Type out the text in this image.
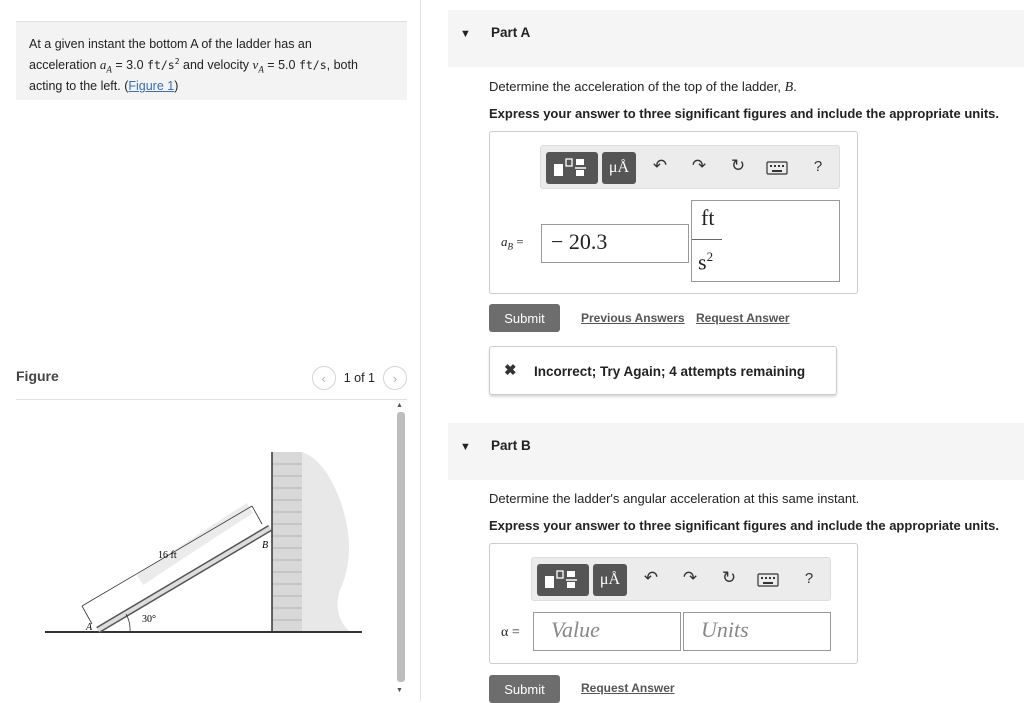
At a given instant the bottom A of the ladder has an
acceleration $a_A = 3.0$ $ft/s^2$ and velocity $v_A = 5.0$ ft/s, both
acting to the left. (Figure 1)
Figure	‹ 1 of 1 ›
▲
▼
16 ft
B
A
30°
▼ Part A
Determine the acceleration of the top of the ladder, B.
Express your answer to three significant figures and include the appropriate units.
μÅ	↶ ↷ ↻	?
$a_B$ =	− 20.3
ft
$s^2$
Submit	Previous Answers Request Answer
✖ Incorrect; Try Again; 4 attempts remaining
▼ Part B
Determine the ladder's angular acceleration at this same instant.
Express your answer to three significant figures and include the appropriate units.
μÅ	↶ ↷ ↻	?
α =	Value	Units
Submit	Request Answer
